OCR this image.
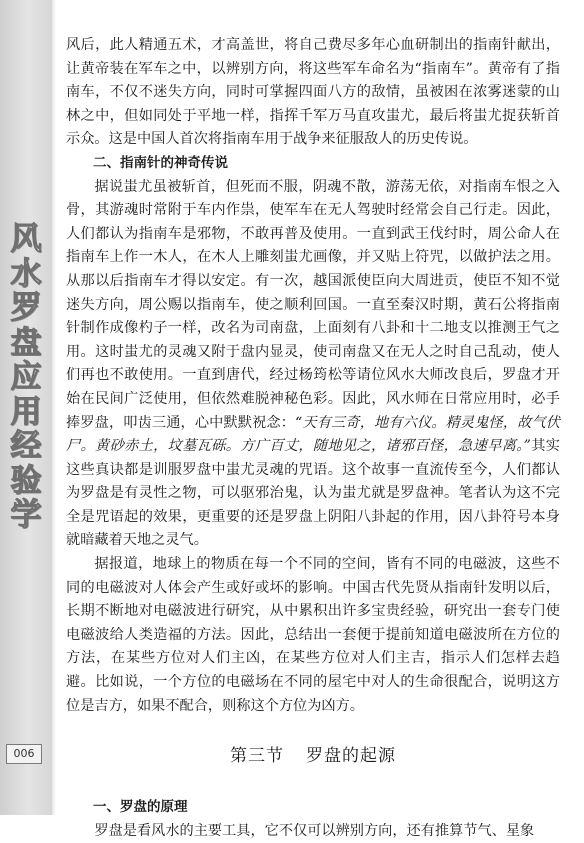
风
水
罗
盘
应
用
经
验
学
006

风后，此人精通五术，才高盖世，将自己费尽多年心血研制出的指南针献出，让黄帝装在军车之中，以辨别方向，将这些军车命名为“指南车”。黄帝有了指南车，不仅不迷失方向，同时可掌握四面八方的敌情，虽被困在浓雾迷蒙的山林之中，但如同处于平地一样，指挥千军万马直攻蚩尤，最后将蚩尤捉获斩首示众。这是中国人首次将指南车用于战争来征服敌人的历史传说。

二、指南针的神奇传说

据说蚩尤虽被斩首，但死而不服，阴魂不散，游荡无依，对指南车恨之入骨，其游魂时常附于车内作祟，使军车在无人驾驶时经常会自己行走。因此，人们都认为指南车是邪物，不敢再普及使用。一直到武王伐纣时，周公命人在指南车上作一木人，在木人上雕刻蚩尤画像，并又贴上符咒，以做护法之用。从那以后指南车才得以安定。有一次，越国派使臣向大周进贡，使臣不知不觉迷失方向，周公赐以指南车，使之顺利回国。一直至秦汉时期，黄石公将指南针制作成像杓子一样，改名为司南盘，上面刻有八卦和十二地支以推测王气之用。这时蚩尤的灵魂又附于盘内显灵，使司南盘又在无人之时自己乱动，使人们再也不敢使用。一直到唐代，经过杨筠松等请位风水大师改良后，罗盘才开始在民间广泛使用，但依然难脱神秘色彩。因此，风水师在日常应用时，必手捧罗盘，叩齿三通，心中默默祝念：“天有三奇，地有六仪。精灵鬼怪，故气伏尸。黄砂赤土，坟墓瓦砾。方广百丈，随地见之，诸邪百怪，急速早离。”其实这些真诀都是训服罗盘中蚩尤灵魂的咒语。这个故事一直流传至今，人们都认为罗盘是有灵性之物，可以驱邪治鬼，认为蚩尤就是罗盘神。笔者认为这不完全是咒语起的效果，更重要的还是罗盘上阴阳八卦起的作用，因八卦符号本身就暗藏着天地之灵气。

据报道，地球上的物质在每一个不同的空间，皆有不同的电磁波，这些不同的电磁波对人体会产生或好或坏的影响。中国古代先贤从指南针发明以后，长期不断地对电磁波进行研究，从中累积出许多宝贵经验，研究出一套专门使电磁波给人类造福的方法。因此，总结出一套便于提前知道电磁波所在方位的方法，在某些方位对人们主凶，在某些方位对人们主吉，指示人们怎样去趋避。比如说，一个方位的电磁场在不同的屋宅中对人的生命很配合，说明这方位是吉方，如果不配合，则称这个方位为凶方。

第三节 罗盘的起源

一、罗盘的原理

罗盘是看风水的主要工具，它不仅可以辨别方向，还有推算节气、星象
